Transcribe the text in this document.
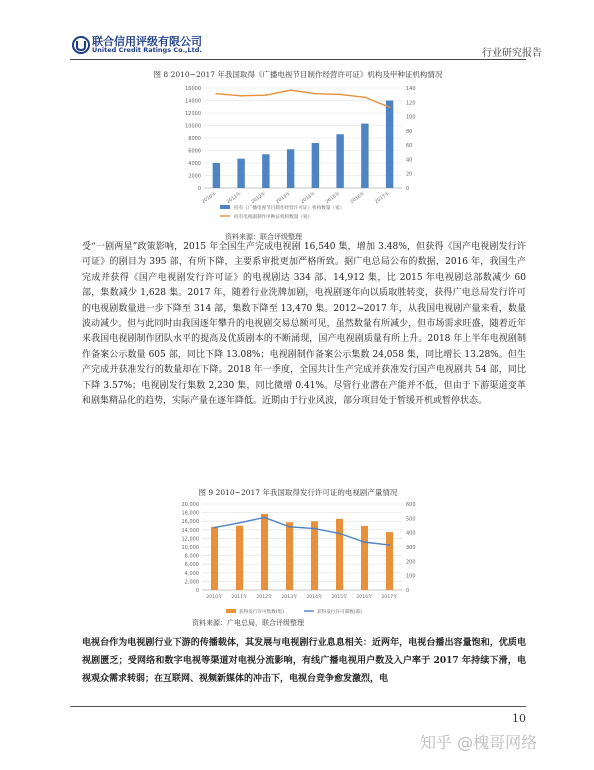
联合信用评级有限公司
United Credit Ratings Co.,Ltd.	行业研究报告
图 8 2010~2017 年我国取得《广播电视节目制作经营许可证》机构及甲种证机构情况
0
2000
4000
6000
8000
10000
12000
14000
16000
0
20
40
60
80
100
120
140
2010年 2011年 2012年 2013年 2014年 2015年 2016年 2017年
持有《广播电视节目制作经营许可证》机构数量（家）
持有电视剧制作甲种证机构数量（家）
资料来源：联合评级整理

受“一剧两星”政策影响，2015 年全国生产完成电视剧 16,540 集，增加 3.48%，但获得《国产电视剧发行许可证》的剧目为 395 部，有所下降，主要系审批更加严格所致。据广电总局公布的数据，2016 年，我国生产完成并获得《国产电视剧发行许可证》的电视剧达 334 部、14,912 集，比 2015 年电视剧总部数减少 60 部，集数减少 1,628 集。2017 年，随着行业洗牌加剧，电视剧逐年向以质取胜转变，获得广电总局发行许可的电视剧数量进一步下降至 314 部，集数下降至 13,470 集。2012~2017 年，从我国电视剧产量来看，数量波动减少。但与此同时由我国逐年攀升的电视剧交易总额可见，虽然数量有所减少，但市场需求旺盛，随着近年来我国电视剧制作团队水平的提高及优质剧本的不断涌现，国产电视剧质量有所上升。2018 年上半年电视剧制作备案公示数量 605 部，同比下降 13.08%；电视剧制作备案公示集数 24,058 集，同比增长 13.28%。但生产完成并获准发行的数量却在下降。2018 年一季度，全国共计生产完成并获准发行国产电视剧共 54 部，同比下降 3.57%；电视剧发行集数 2,230 集，同比微增 0.41%。尽管行业潜在产能并不低，但由于下游渠道变革和剧集精品化的趋势，实际产量在逐年降低。近期由于行业风波，部分项目处于暂缓开机或暂停状态。

图 9 2010~2017 年我国取得发行许可证的电视剧产量情况
0
2,000
4,000
6,000
8,000
10,000
12,000
14,000
16,000
18,000
20,000
0
100
200
300
400
500
600
2010年 2011年 2012年 2013年 2014年 2015年 2016年 2017年
获得发行许可集数(集)	获得发行许可部数(部)
资料来源：广电总局，联合评级整理

电视台作为电视剧行业下游的传播载体，其发展与电视剧行业息息相关：近两年，电视台播出容量饱和，优质电视剧匮乏；受网络和数字电视等渠道对电视分流影响，有线广播电视用户数及入户率于 2017 年持续下滑，电视观众需求转弱；在互联网、视频新媒体的冲击下，电视台竞争愈发激烈，电

10
知乎 @槐哥网络
